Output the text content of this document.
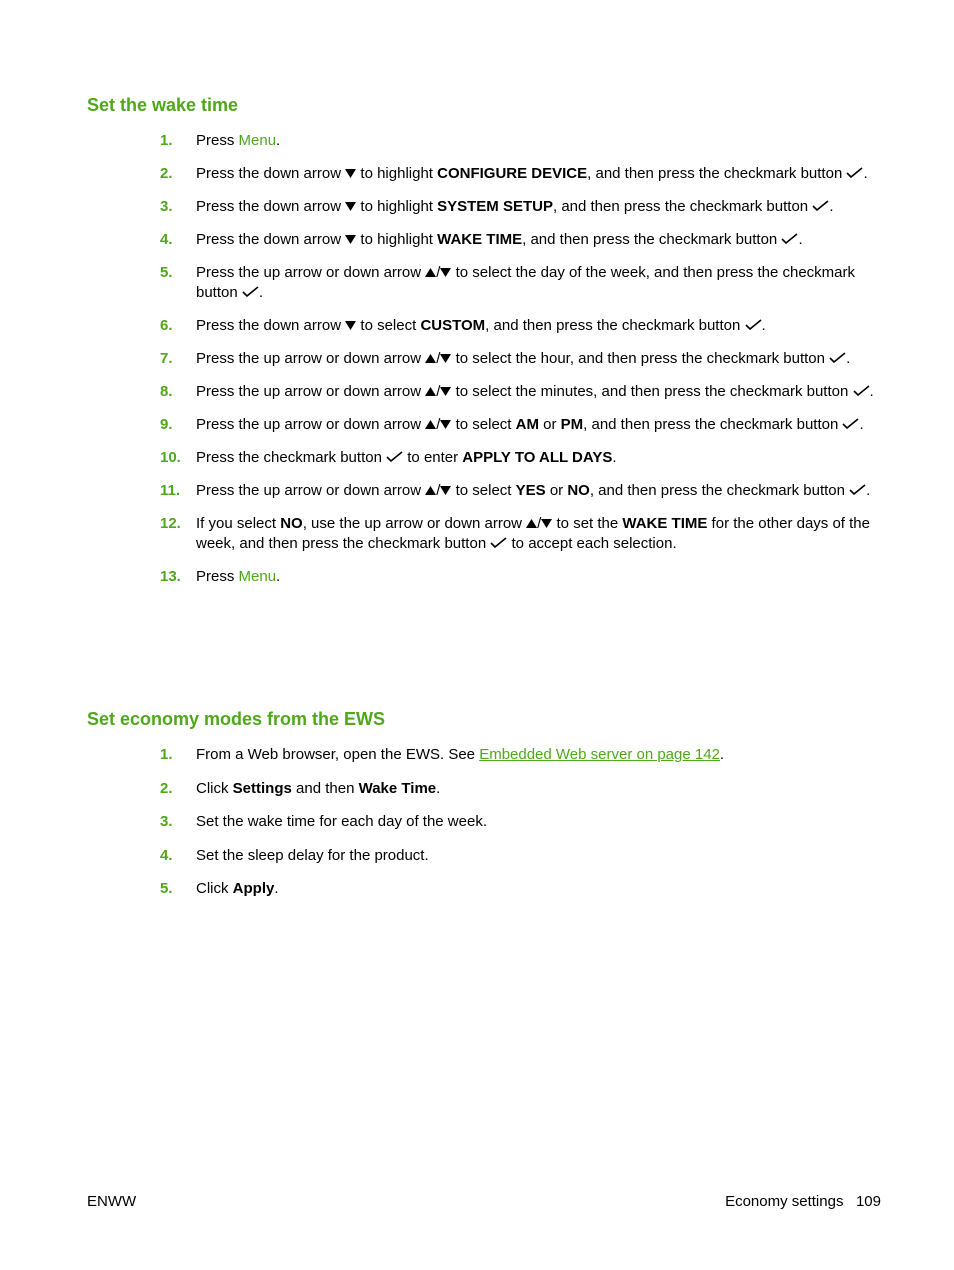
Set the wake time
1. Press Menu.
2. Press the down arrow
to highlight CONFIGURE DEVICE, and then press the checkmark button
.
3. Press the down arrow
to highlight SYSTEM SETUP, and then press the checkmark button
.
4. Press the down arrow
to highlight WAKE TIME, and then press the checkmark button
.
5. Press the up arrow or down arrow
/
to select the day of the week, and then press the checkmark button
.
6. Press the down arrow
to select CUSTOM, and then press the checkmark button
.
7. Press the up arrow or down arrow
/
to select the hour, and then press the checkmark button
.
8. Press the up arrow or down arrow
/
to select the minutes, and then press the checkmark button
.
9. Press the up arrow or down arrow
/
to select AM or PM, and then press the checkmark button
.
10. Press the checkmark button
to enter APPLY TO ALL DAYS.
11. Press the up arrow or down arrow
/
to select YES or NO, and then press the checkmark button
.
12. If you select NO, use the up arrow or down arrow
/
to set the WAKE TIME for the other days of the week, and then press the checkmark button
to accept each selection.
13. Press Menu.
Set economy modes from the EWS
1. From a Web browser, open the EWS. See Embedded Web server on page 142.
2. Click Settings and then Wake Time.
3. Set the wake time for each day of the week.
4. Set the sleep delay for the product.
5. Click Apply.
ENWW	Economy settings 109
